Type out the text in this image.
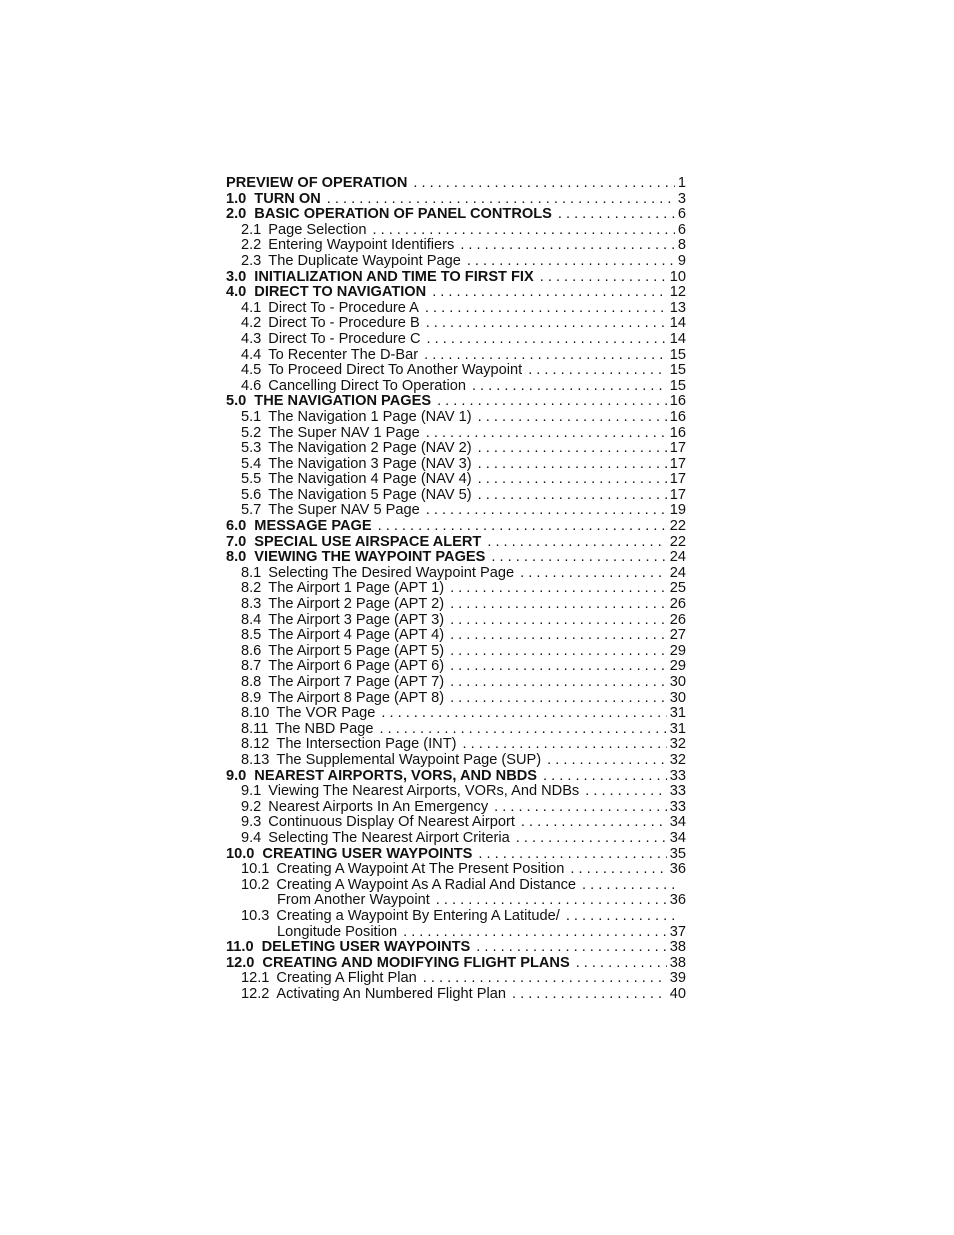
PREVIEW OF OPERATION . . .	1
1.0 TURN ON . . .	3
2.0 BASIC OPERATION OF PANEL CONTROLS . . .	6
2.1 Page Selection . . .	6
2.2 Entering Waypoint Identifiers . . .	8
2.3 The Duplicate Waypoint Page . . .	9
3.0 INITIALIZATION AND TIME TO FIRST FIX . . .	10
4.0 DIRECT TO NAVIGATION . . .	12
4.1 Direct To - Procedure A . . .	13
4.2 Direct To - Procedure B . . .	14
4.3 Direct To - Procedure C . . .	14
4.4 To Recenter The D-Bar . . .	15
4.5 To Proceed Direct To Another Waypoint . . .	15
4.6 Cancelling Direct To Operation . . .	15
5.0 THE NAVIGATION PAGES . . .	16
5.1 The Navigation 1 Page (NAV 1) . . .	16
5.2 The Super NAV 1 Page . . .	16
5.3 The Navigation 2 Page (NAV 2) . . .	17
5.4 The Navigation 3 Page (NAV 3) . . .	17
5.5 The Navigation 4 Page (NAV 4) . . .	17
5.6 The Navigation 5 Page (NAV 5) . . .	17
5.7 The Super NAV 5 Page . . .	19
6.0 MESSAGE PAGE . . .	22
7.0 SPECIAL USE AIRSPACE ALERT . . .	22
8.0 VIEWING THE WAYPOINT PAGES . . .	24
8.1 Selecting The Desired Waypoint Page . . .	24
8.2 The Airport 1 Page (APT 1) . . .	25
8.3 The Airport 2 Page (APT 2) . . .	26
8.4 The Airport 3 Page (APT 3) . . .	26
8.5 The Airport 4 Page (APT 4) . . .	27
8.6 The Airport 5 Page (APT 5) . . .	29
8.7 The Airport 6 Page (APT 6) . . .	29
8.8 The Airport 7 Page (APT 7) . . .	30
8.9 The Airport 8 Page (APT 8) . . .	30
8.10 The VOR Page . . .	31
8.11 The NBD Page . . .	31
8.12 The Intersection Page (INT) . . .	32
8.13 The Supplemental Waypoint Page (SUP) . . .	32
9.0 NEAREST AIRPORTS, VORS, AND NBDS . . .	33
9.1 Viewing The Nearest Airports, VORs, And NDBs . . .	33
9.2 Nearest Airports In An Emergency . . .	33
9.3 Continuous Display Of Nearest Airport . . .	34
9.4 Selecting The Nearest Airport Criteria . . .	34
10.0 CREATING USER WAYPOINTS . . .	35
10.1 Creating A Waypoint At The Present Position . . .	36
10.2 Creating A Waypoint As A Radial And Distance
. . .
From Another Waypoint . . .	36
10.3 Creating a Waypoint By Entering A Latitude/
. . .
Longitude Position . . .	37
11.0 DELETING USER WAYPOINTS . . .	38
12.0 CREATING AND MODIFYING FLIGHT PLANS . . .	38
12.1 Creating A Flight Plan . . .	39
12.2 Activating An Numbered Flight Plan . . .	40
